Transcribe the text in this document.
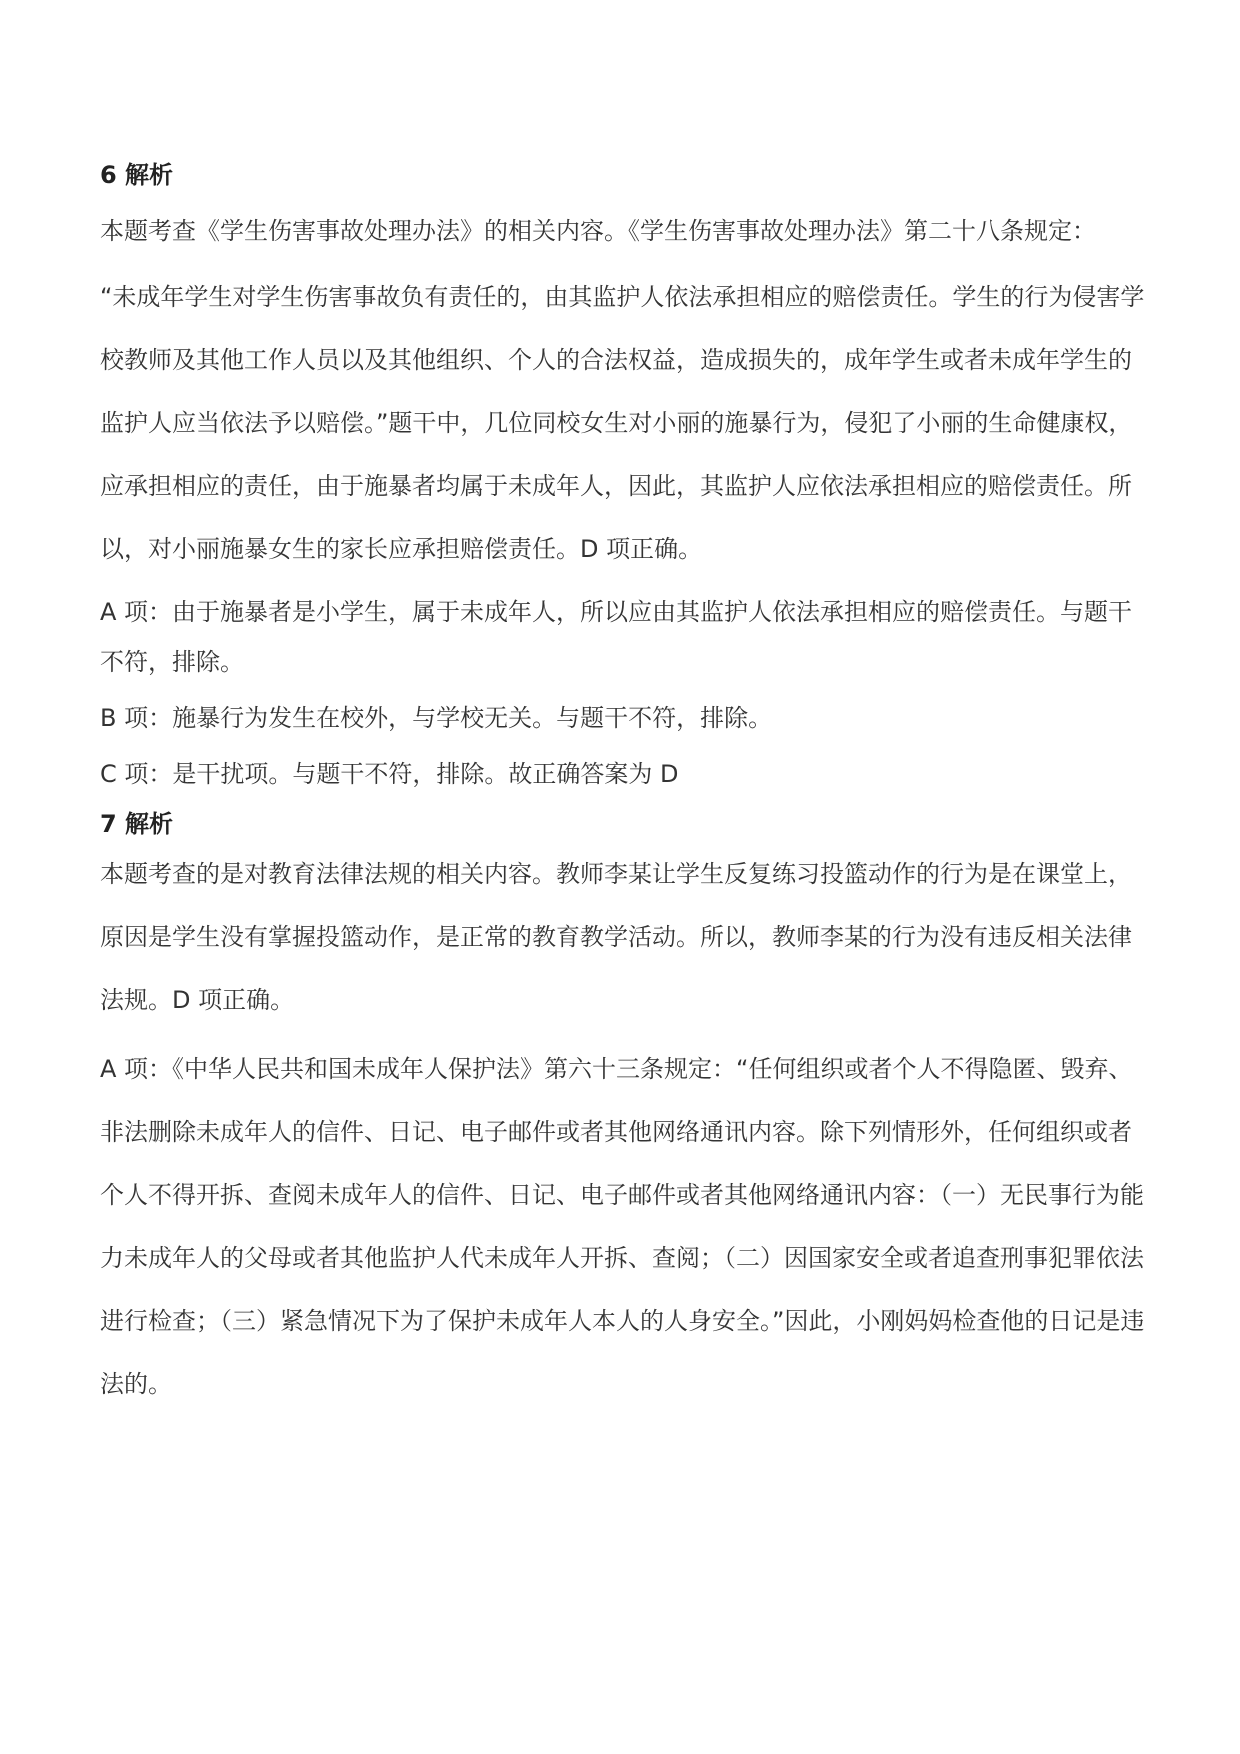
6 解析

本题考查《学生伤害事故处理办法》的相关内容。《学生伤害事故处理办法》第二十八条规定：

“未成年学生对学生伤害事故负有责任的，由其监护人依法承担相应的赔偿责任。学生的行为侵害学校教师及其他工作人员以及其他组织、个人的合法权益，造成损失的，成年学生或者未成年学生的监护人应当依法予以赔偿。”题干中，几位同校女生对小丽的施暴行为，侵犯了小丽的生命健康权，应承担相应的责任，由于施暴者均属于未成年人，因此，其监护人应依法承担相应的赔偿责任。所以，对小丽施暴女生的家长应承担赔偿责任。D 项正确。

A 项：由于施暴者是小学生，属于未成年人，所以应由其监护人依法承担相应的赔偿责任。与题干不符，排除。

B 项：施暴行为发生在校外，与学校无关。与题干不符，排除。

C 项：是干扰项。与题干不符，排除。故正确答案为 D

7 解析

本题考查的是对教育法律法规的相关内容。教师李某让学生反复练习投篮动作的行为是在课堂上，原因是学生没有掌握投篮动作，是正常的教育教学活动。所以，教师李某的行为没有违反相关法律法规。D 项正确。

A 项：《中华人民共和国未成年人保护法》第六十三条规定：“任何组织或者个人不得隐匿、毁弃、非法删除未成年人的信件、日记、电子邮件或者其他网络通讯内容。除下列情形外，任何组织或者个人不得开拆、查阅未成年人的信件、日记、电子邮件或者其他网络通讯内容：（一）无民事行为能力未成年人的父母或者其他监护人代未成年人开拆、查阅；（二）因国家安全或者追查刑事犯罪依法进行检查；（三）紧急情况下为了保护未成年人本人的人身安全。”因此，小刚妈妈检查他的日记是违法的。
